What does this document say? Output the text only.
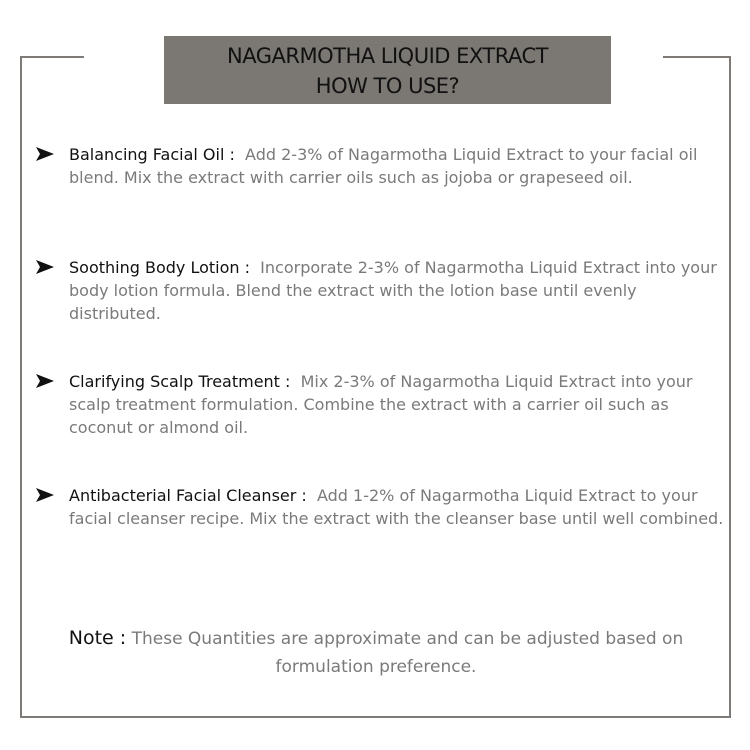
NAGARMOTHA LIQUID EXTRACT
HOW TO USE?
Balancing Facial Oil : Add 2-3% of Nagarmotha Liquid Extract to your facial oil blend. Mix the extract with carrier oils such as jojoba or grapeseed oil.
Soothing Body Lotion : Incorporate 2-3% of Nagarmotha Liquid Extract into your body lotion formula. Blend the extract with the lotion base until evenly distributed.
Clarifying Scalp Treatment : Mix 2-3% of Nagarmotha Liquid Extract into your scalp treatment formulation. Combine the extract with a carrier oil such as coconut or almond oil.
Antibacterial Facial Cleanser : Add 1-2% of Nagarmotha Liquid Extract to your facial cleanser recipe. Mix the extract with the cleanser base until well combined.
Note : These Quantities are approximate and can be adjusted based on formulation preference.
